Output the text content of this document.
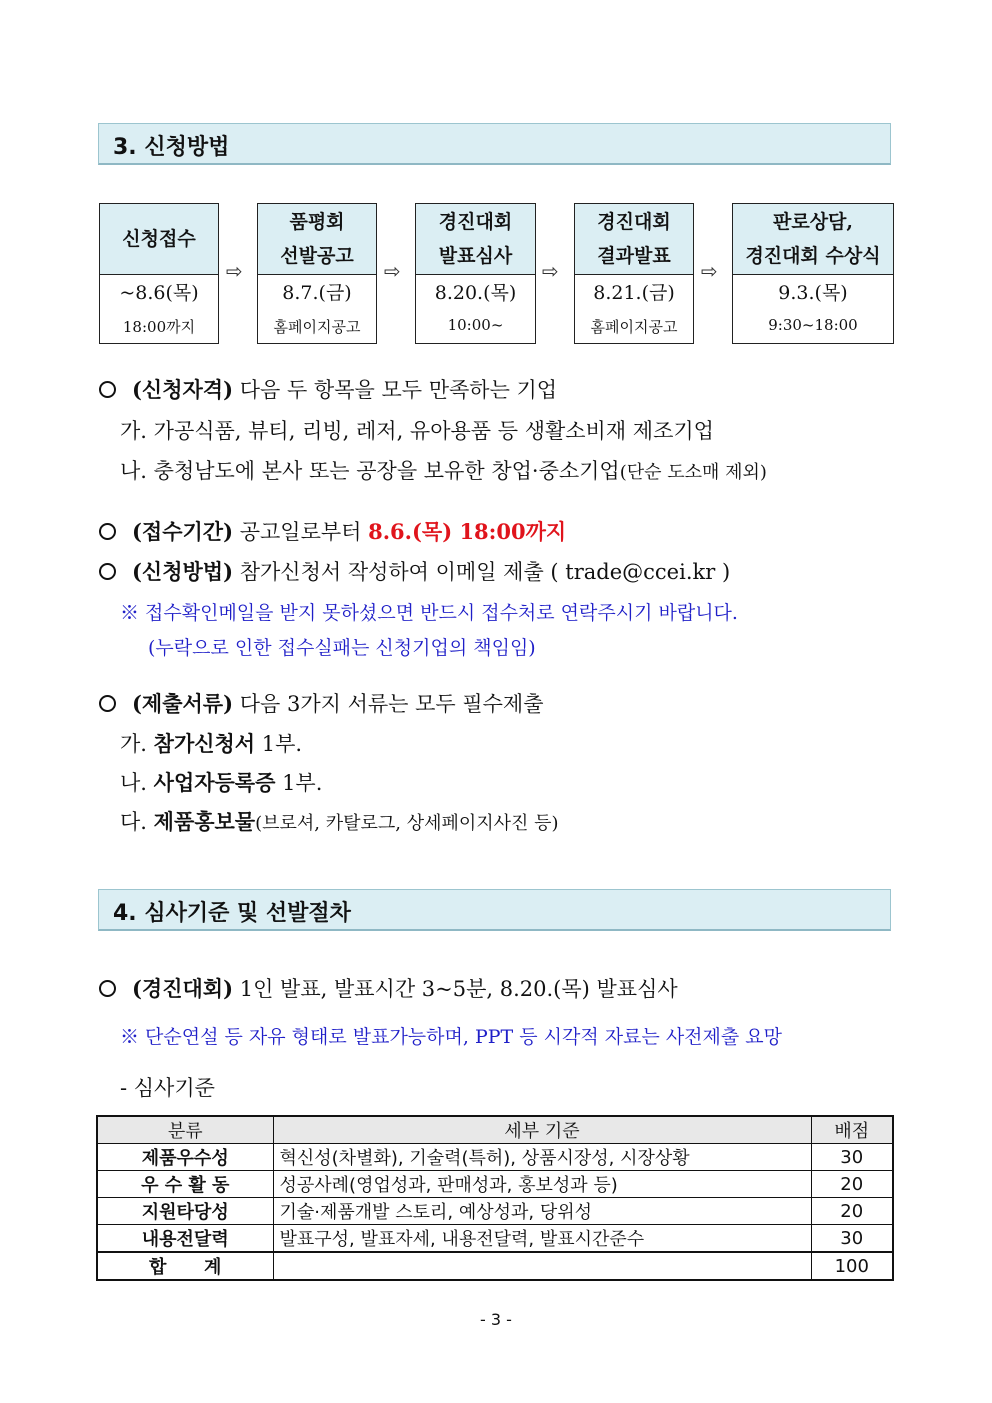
3. 신청방법
신청접수
~8.6(목)
18:00까지
⇨
품평회
선발공고
8.7.(금)
홈페이지공고
⇨
경진대회
발표심사
8.20.(목)
10:00~
⇨
경진대회
결과발표
8.21.(금)
홈페이지공고
⇨
판로상담,
경진대회 수상식
9.3.(목)
9:30~18:00
(신청자격) 다음 두 항목을 모두 만족하는 기업
가. 가공식품, 뷰티, 리빙, 레저, 유아용품 등 생활소비재 제조기업
나. 충청남도에 본사 또는 공장을 보유한 창업·중소기업(단순 도소매 제외)
(접수기간) 공고일로부터 8.6.(목) 18:00까지
(신청방법) 참가신청서 작성하여 이메일 제출 ( trade@ccei.kr )
※ 접수확인메일을 받지 못하셨으면 반드시 접수처로 연락주시기 바랍니다.
(누락으로 인한 접수실패는 신청기업의 책임임)
(제출서류) 다음 3가지 서류는 모두 필수제출
가. 참가신청서 1부.
나. 사업자등록증 1부.
다. 제품홍보물(브로셔, 카탈로그, 상세페이지사진 등)
4. 심사기준 및 선발절차
(경진대회) 1인 발표, 발표시간 3~5분, 8.20.(목) 발표심사
※ 단순연설 등 자유 형태로 발표가능하며, PPT 등 시각적 자료는 사전제출 요망
- 심사기준
분류	세부 기준	배점
제품우수성	혁신성(차별화), 기술력(특허), 상품시장성, 시장상황	30
우 수 활 동	성공사례(영업성과, 판매성과, 홍보성과 등)	20
지원타당성	기술·제품개발 스토리, 예상성과, 당위성	20
내용전달력	발표구성, 발표자세, 내용전달력, 발표시간준수	30
합      계		100
- 3 -
